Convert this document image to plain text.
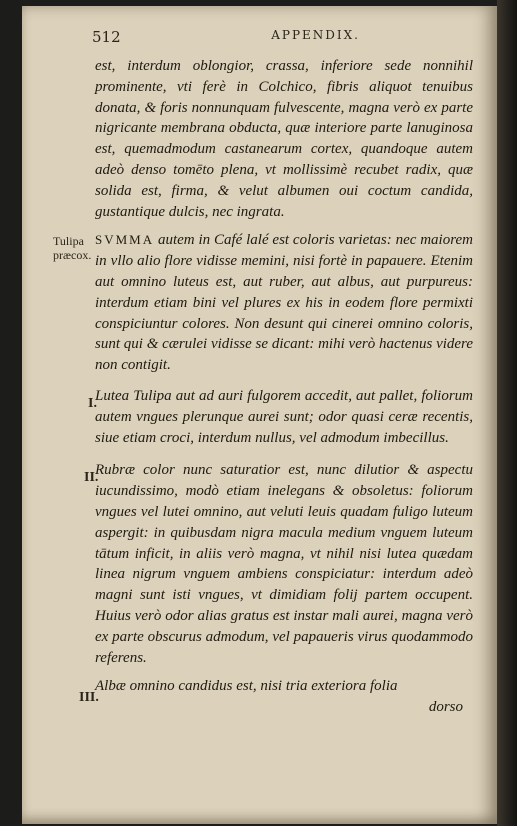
512	APPENDIX.
Tulipa præcox.
I.
II.
III.

est, interdum oblongior, crassa, inferiore sede nonnihil prominente, vti ferè in Colchico, fibris aliquot tenuibus donata, & foris nonnunquam fulvescente, magna verò ex parte nigricante membrana obducta, quæ interiore parte lanuginosa est, quemadmodum castanearum cortex, quandoque autem adeò denso tomēto plena, vt mollissimè recubet radix, quæ solida est, firma, & velut albumen oui coctum candida, gustantique dulcis, nec ingrata.

SVMMA autem in Café lalé est coloris varietas: nec maiorem in vllo alio flore vidisse memini, nisi fortè in papauere. Etenim aut omnino luteus est, aut ruber, aut albus, aut purpureus: interdum etiam bini vel plures ex his in eodem flore permixti conspiciuntur colores. Non desunt qui cinerei omnino coloris, sunt qui & cærulei vidisse se dicant: mihi verò hactenus videre non contigit.

Lutea Tulipa aut ad auri fulgorem accedit, aut pallet, foliorum autem vngues plerunque aurei sunt; odor quasi ceræ recentis, siue etiam croci, interdum nullus, vel admodum imbecillus.

Rubræ color nunc saturatior est, nunc dilutior & aspectu iucundissimo, modò etiam inelegans & obsoletus: foliorum vngues vel lutei omnino, aut veluti leuis quadam fuligo luteum aspergit: in quibusdam nigra macula medium vnguem luteum tātum inficit, in aliis verò magna, vt nihil nisi lutea quædam linea nigrum vnguem ambiens conspiciatur: interdum adeò magni sunt isti vngues, vt dimidiam folij partem occupent. Huius verò odor alias gratus est instar mali aurei, magna verò ex parte obscurus admodum, vel papaueris virus quodammodo referens.

Albæ omnino candidus est, nisi tria exteriora folia

dorso
